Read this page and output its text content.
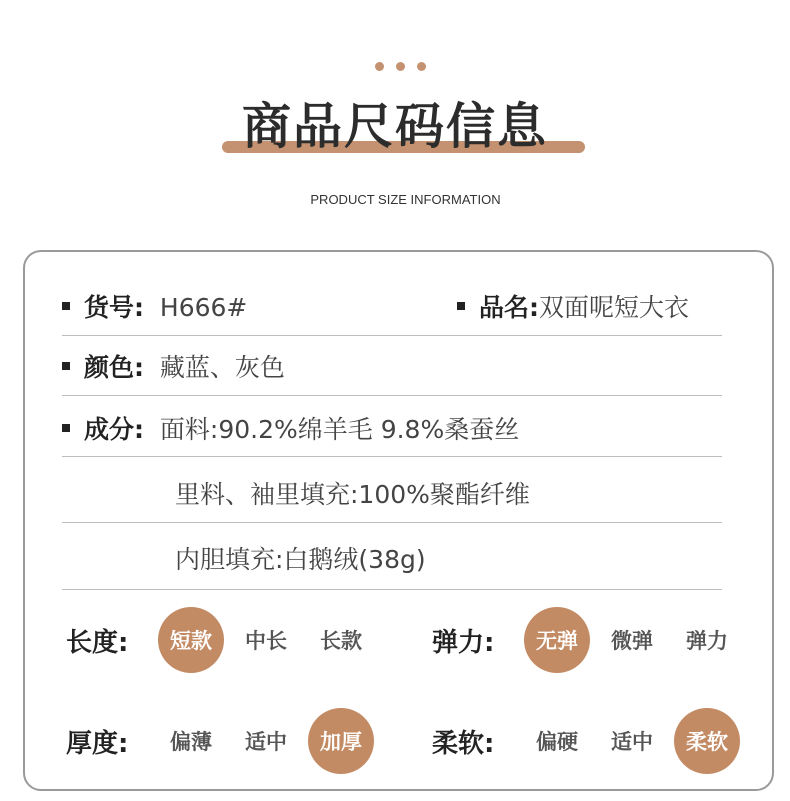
商品尺码信息
PRODUCT SIZE INFORMATION
货号: H666#	品名:双面呢短大衣
颜色: 藏蓝、灰色
成分: 面料:90.2%绵羊毛 9.8%桑蚕丝
里料、袖里填充:100%聚酯纤维
内胆填充:白鹅绒(38g)
长度:	短款	中长	长款	弹力:	无弹	微弹	弹力
厚度:	偏薄	适中	加厚	柔软:	偏硬	适中	柔软
